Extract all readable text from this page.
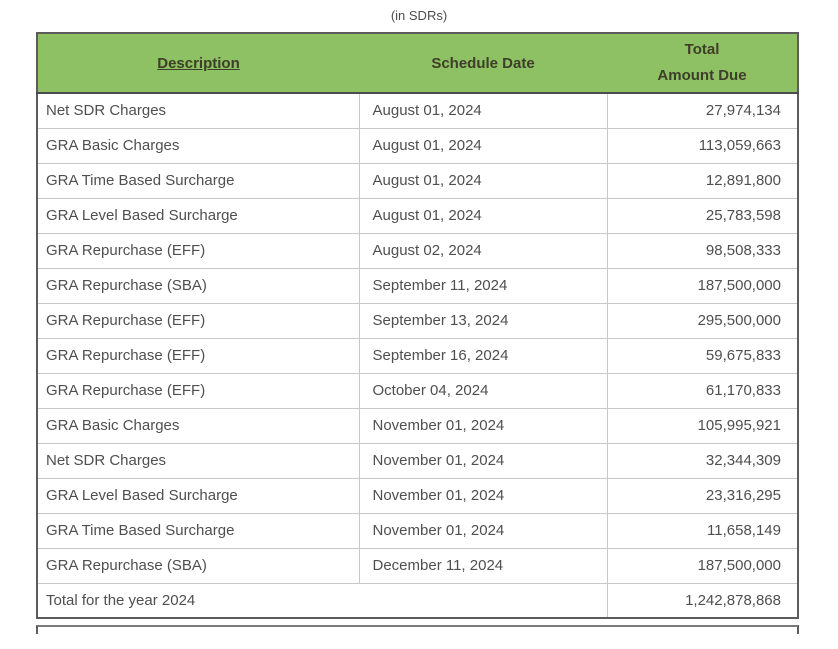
(in SDRs)
Description	Schedule Date	Total
Amount Due

Net SDR Charges	August 01, 2024	27,974,134
GRA Basic Charges	August 01, 2024	113,059,663
GRA Time Based Surcharge	August 01, 2024	12,891,800
GRA Level Based Surcharge	August 01, 2024	25,783,598
GRA Repurchase (EFF)	August 02, 2024	98,508,333
GRA Repurchase (SBA)	September 11, 2024	187,500,000
GRA Repurchase (EFF)	September 13, 2024	295,500,000
GRA Repurchase (EFF)	September 16, 2024	59,675,833
GRA Repurchase (EFF)	October 04, 2024	61,170,833
GRA Basic Charges	November 01, 2024	105,995,921
Net SDR Charges	November 01, 2024	32,344,309
GRA Level Based Surcharge	November 01, 2024	23,316,295
GRA Time Based Surcharge	November 01, 2024	11,658,149
GRA Repurchase (SBA)	December 11, 2024	187,500,000
Total for the year 2024		1,242,878,868
